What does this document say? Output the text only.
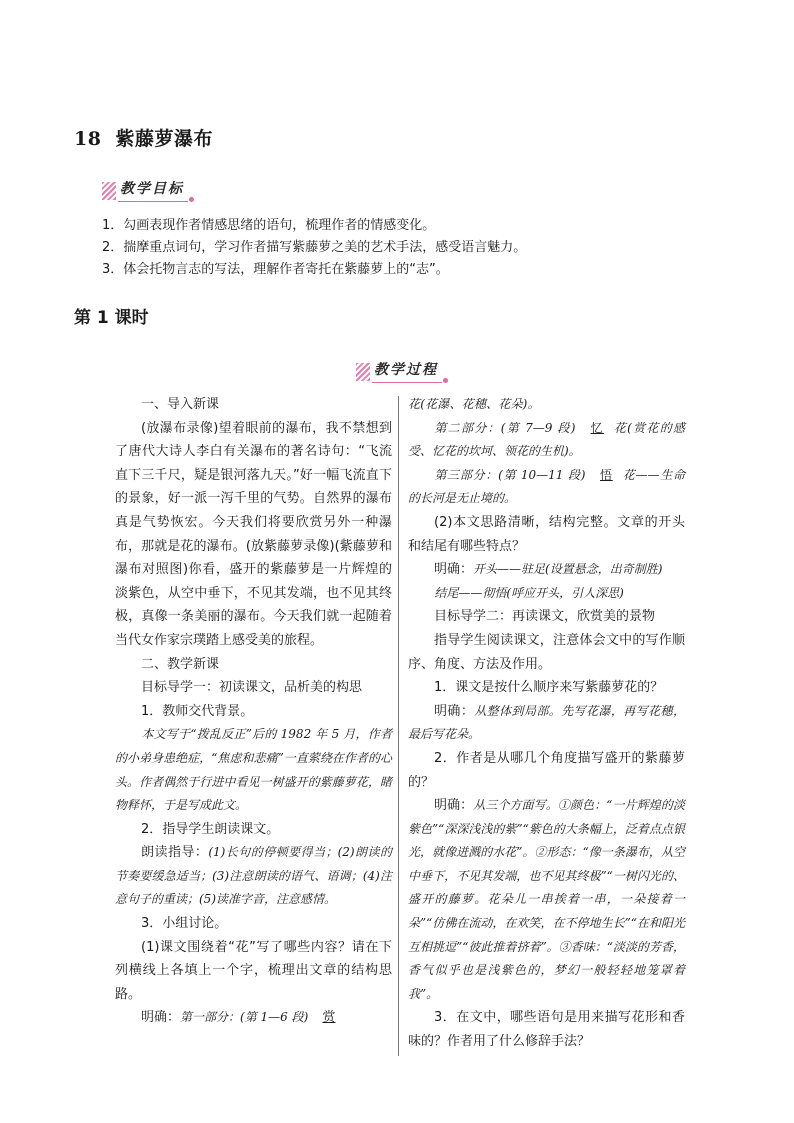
18 紫藤萝瀑布
教学目标
1．勾画表现作者情感思绪的语句，梳理作者的情感变化。
2．揣摩重点词句，学习作者描写紫藤萝之美的艺术手法，感受语言魅力。
3．体会托物言志的写法，理解作者寄托在紫藤萝上的“志”。
第 1 课时
教学过程

一、导入新课

(放瀑布录像)望着眼前的瀑布，我不禁想到了唐代大诗人李白有关瀑布的著名诗句：“飞流直下三千尺，疑是银河落九天。”好一幅飞流直下的景象，好一派一泻千里的气势。自然界的瀑布真是气势恢宏。今天我们将要欣赏另外一种瀑布，那就是花的瀑布。(放紫藤萝录像)(紫藤萝和瀑布对照图)你看，盛开的紫藤萝是一片辉煌的淡紫色，从空中垂下，不见其发端，也不见其终极，真像一条美丽的瀑布。今天我们就一起随着当代女作家宗璞踏上感受美的旅程。

二、教学新课

目标导学一：初读课文，品析美的构思

1．教师交代背景。

本文写于“拨乱反正”后的 1982 年 5 月，作者的小弟身患绝症，“焦虑和悲痛”一直萦绕在作者的心头。作者偶然于行进中看见一树盛开的紫藤萝花，睹物释怀，于是写成此文。

2．指导学生朗读课文。

朗读指导：(1)长句的停顿要得当；(2)朗读的节奏要缓急适当；(3)注意朗读的语气、语调；(4)注意句子的重读；(5)读准字音，注意感情。

3．小组讨论。

(1)课文围绕着“花”写了哪些内容？请在下列横线上各填上一个字，梳理出文章的结构思路。

明确：第一部分：(第 1—6 段) 赏

花(花瀑、花穗、花朵)。

第二部分：(第 7—9 段) 忆 花(赏花的感受、忆花的坎坷、领花的生机)。

第三部分：(第 10—11 段) 悟 花——生命的长河是无止境的。

(2)本文思路清晰，结构完整。文章的开头和结尾有哪些特点？

明确：开头——驻足(设置悬念，出奇制胜)

结尾——彻悟(呼应开头，引人深思)

目标导学二：再读课文，欣赏美的景物

指导学生阅读课文，注意体会文中的写作顺序、角度、方法及作用。

1．课文是按什么顺序来写紫藤萝花的？

明确：从整体到局部。先写花瀑，再写花穗，最后写花朵。

2．作者是从哪几个角度描写盛开的紫藤萝的？

明确：从三个方面写。①颜色：“一片辉煌的淡紫色”“深深浅浅的紫”“紫色的大条幅上，泛着点点银光，就像迸溅的水花”。②形态：“像一条瀑布，从空中垂下，不见其发端，也不见其终极”“一树闪光的、盛开的藤萝。花朵儿一串挨着一串，一朵接着一朵”“仿佛在流动，在欢笑，在不停地生长”“在和阳光互相挑逗”“彼此推着挤着”。③香味：“淡淡的芳香，香气似乎也是浅紫色的，梦幻一般轻轻地笼罩着我”。

3．在文中，哪些语句是用来描写花形和香味的？作者用了什么修辞手法？
